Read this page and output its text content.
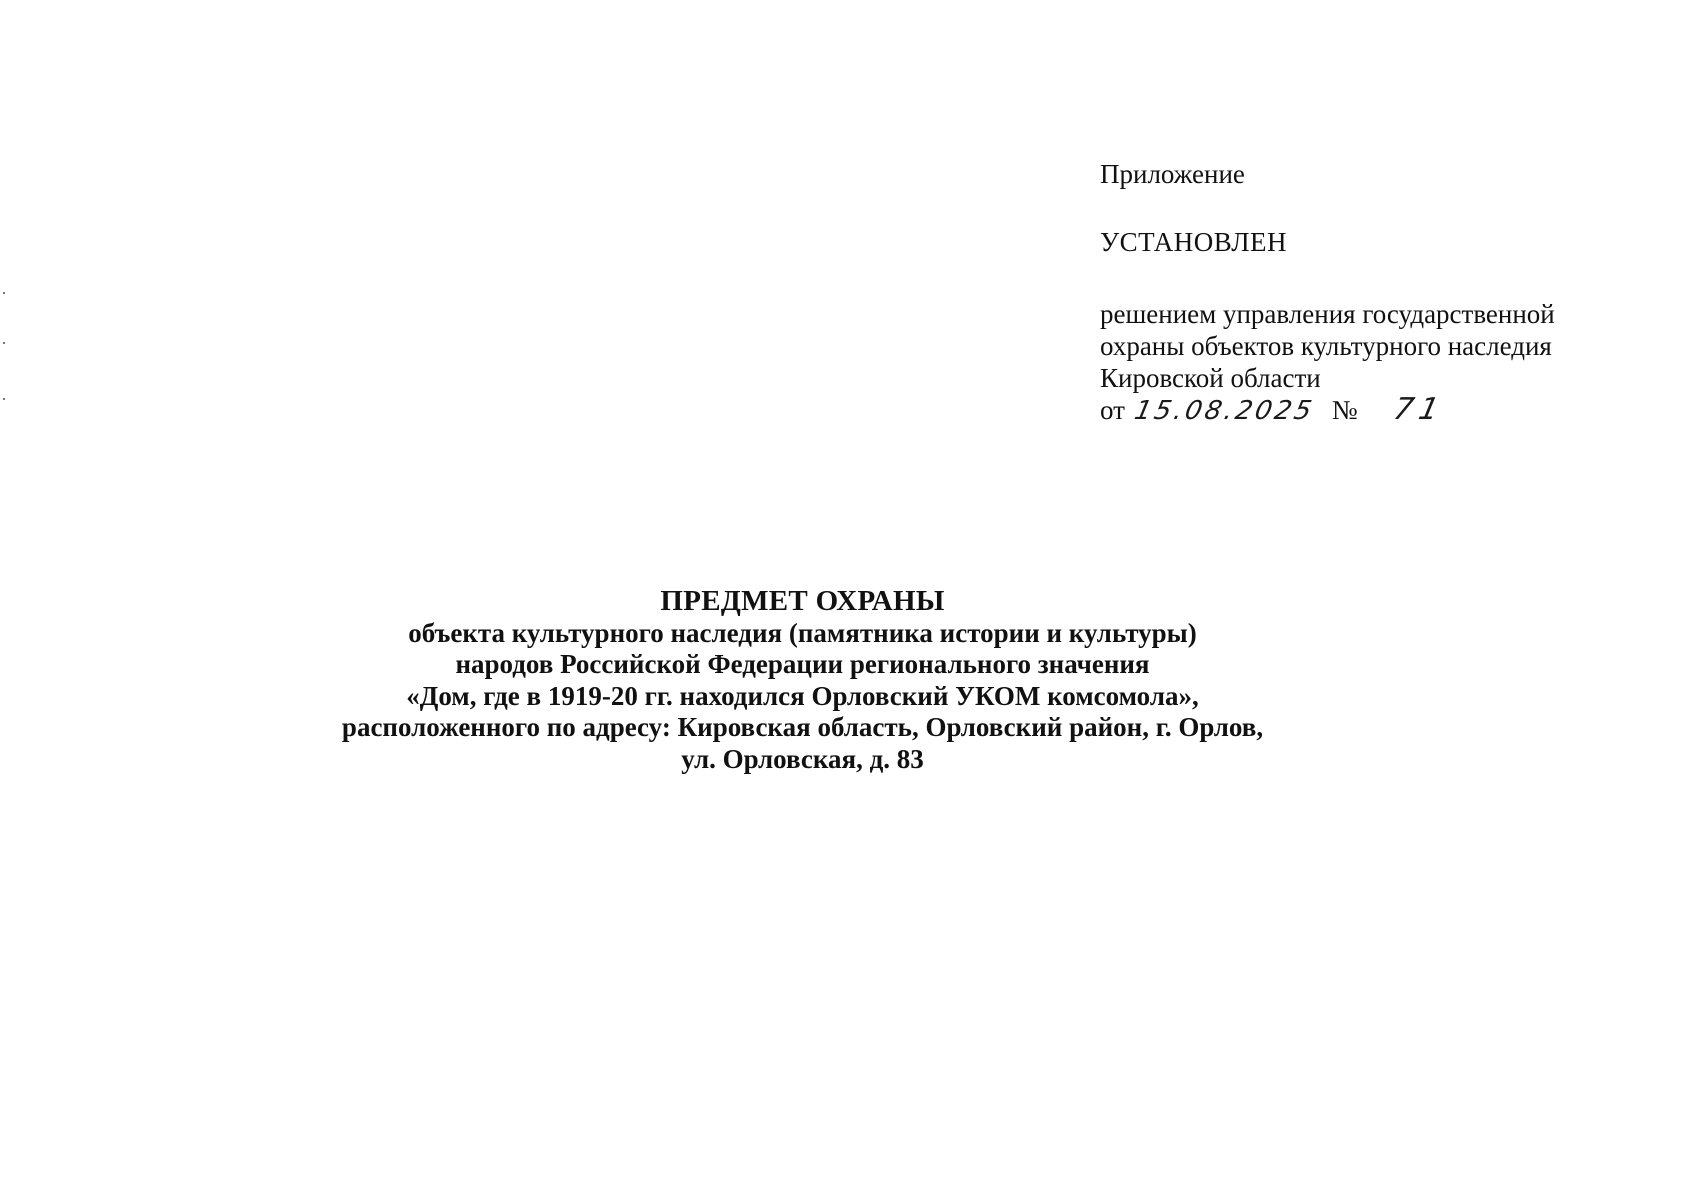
Приложение
УСТАНОВЛЕН
решением управления государственной
охраны объектов культурного наследия
Кировской области
от 15.08.2025 № 71
ПРЕДМЕТ ОХРАНЫ
объекта культурного наследия (памятника истории и культуры)
народов Российской Федерации регионального значения
«Дом, где в 1919-20 гг. находился Орловский УКОМ комсомола»,
расположенного по адресу: Кировская область, Орловский район, г. Орлов,
ул. Орловская, д. 83
